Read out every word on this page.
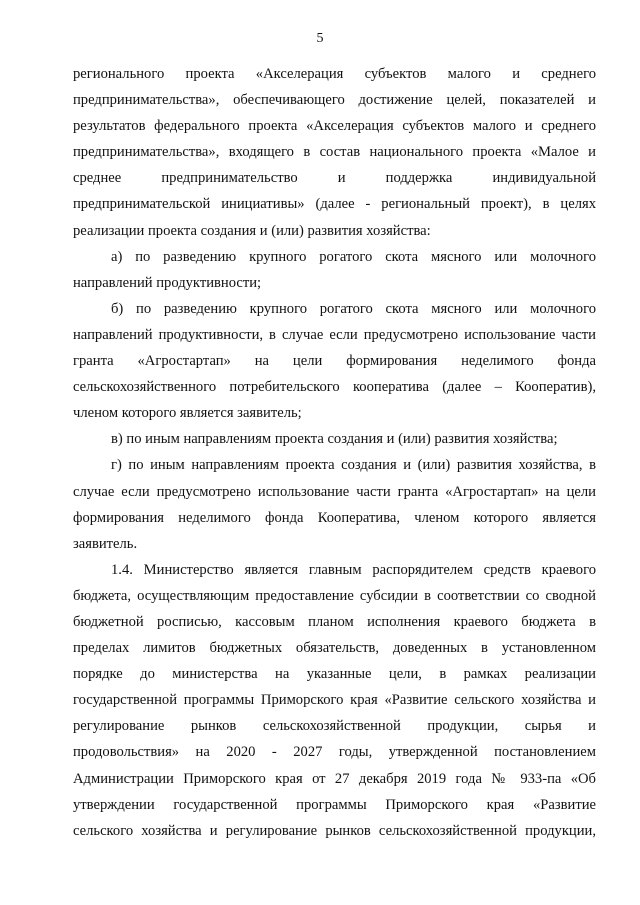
5

регионального проекта «Акселерация субъектов малого и среднего
предпринимательства», обеспечивающего достижение целей, показателей и
результатов федерального проекта «Акселерация субъектов малого и среднего
предпринимательства», входящего в состав национального проекта «Малое и
среднее предпринимательство и поддержка индивидуальной
предпринимательской инициативы» (далее - региональный проект), в целях
реализации проекта создания и (или) развития хозяйства:

а) по разведению крупного рогатого скота мясного или молочного
направлений продуктивности;

б) по разведению крупного рогатого скота мясного или молочного
направлений продуктивности, в случае если предусмотрено использование части
гранта «Агростартап» на цели формирования неделимого фонда
сельскохозяйственного потребительского кооператива (далее – Кооператив),
членом которого является заявитель;

в) по иным направлениям проекта создания и (или) развития хозяйства;

г) по иным направлениям проекта создания и (или) развития хозяйства, в
случае если предусмотрено использование части гранта «Агростартап» на цели
формирования неделимого фонда Кооператива, членом которого является
заявитель.

1.4. Министерство является главным распорядителем средств краевого
бюджета, осуществляющим предоставление субсидии в соответствии со сводной
бюджетной росписью, кассовым планом исполнения краевого бюджета в
пределах лимитов бюджетных обязательств, доведенных в установленном
порядке до министерства на указанные цели, в рамках реализации
государственной программы Приморского края «Развитие сельского хозяйства и
регулирование рынков сельскохозяйственной продукции, сырья и
продовольствия» на 2020 - 2027 годы, утвержденной постановлением
Администрации Приморского края от 27 декабря 2019 года № 933-па «Об
утверждении государственной программы Приморского края «Развитие
сельского хозяйства и регулирование рынков сельскохозяйственной продукции,
